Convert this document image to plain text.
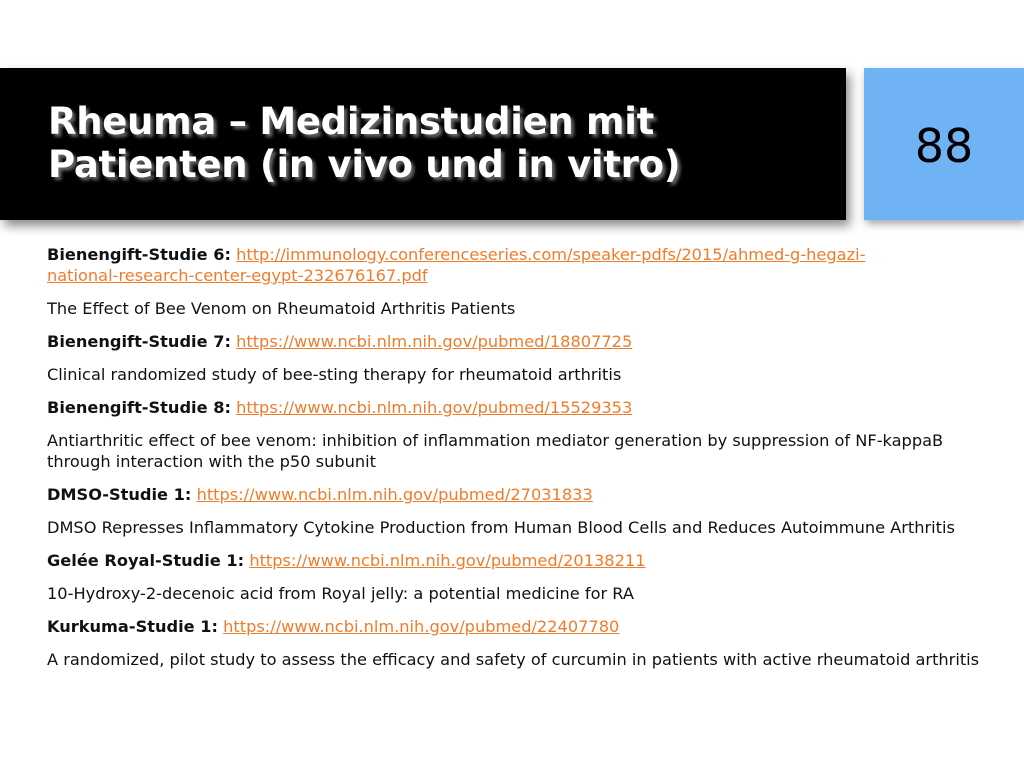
Rheuma – Medizinstudien mit
Patienten (in vivo und in vitro)	88

Bienengift-Studie 6: http://immunology.conferenceseries.com/speaker-pdfs/2015/ahmed-g-hegazi-
national-research-center-egypt-232676167.pdf

The Effect of Bee Venom on Rheumatoid Arthritis Patients

Bienengift-Studie 7: https://www.ncbi.nlm.nih.gov/pubmed/18807725

Clinical randomized study of bee-sting therapy for rheumatoid arthritis

Bienengift-Studie 8: https://www.ncbi.nlm.nih.gov/pubmed/15529353

Antiarthritic effect of bee venom: inhibition of inflammation mediator generation by suppression of NF-kappaB through interaction with the p50 subunit

DMSO-Studie 1: https://www.ncbi.nlm.nih.gov/pubmed/27031833

DMSO Represses Inflammatory Cytokine Production from Human Blood Cells and Reduces Autoimmune Arthritis

Gelée Royal-Studie 1: https://www.ncbi.nlm.nih.gov/pubmed/20138211

10-Hydroxy-2-decenoic acid from Royal jelly: a potential medicine for RA

Kurkuma-Studie 1: https://www.ncbi.nlm.nih.gov/pubmed/22407780

A randomized, pilot study to assess the efficacy and safety of curcumin in patients with active rheumatoid arthritis
